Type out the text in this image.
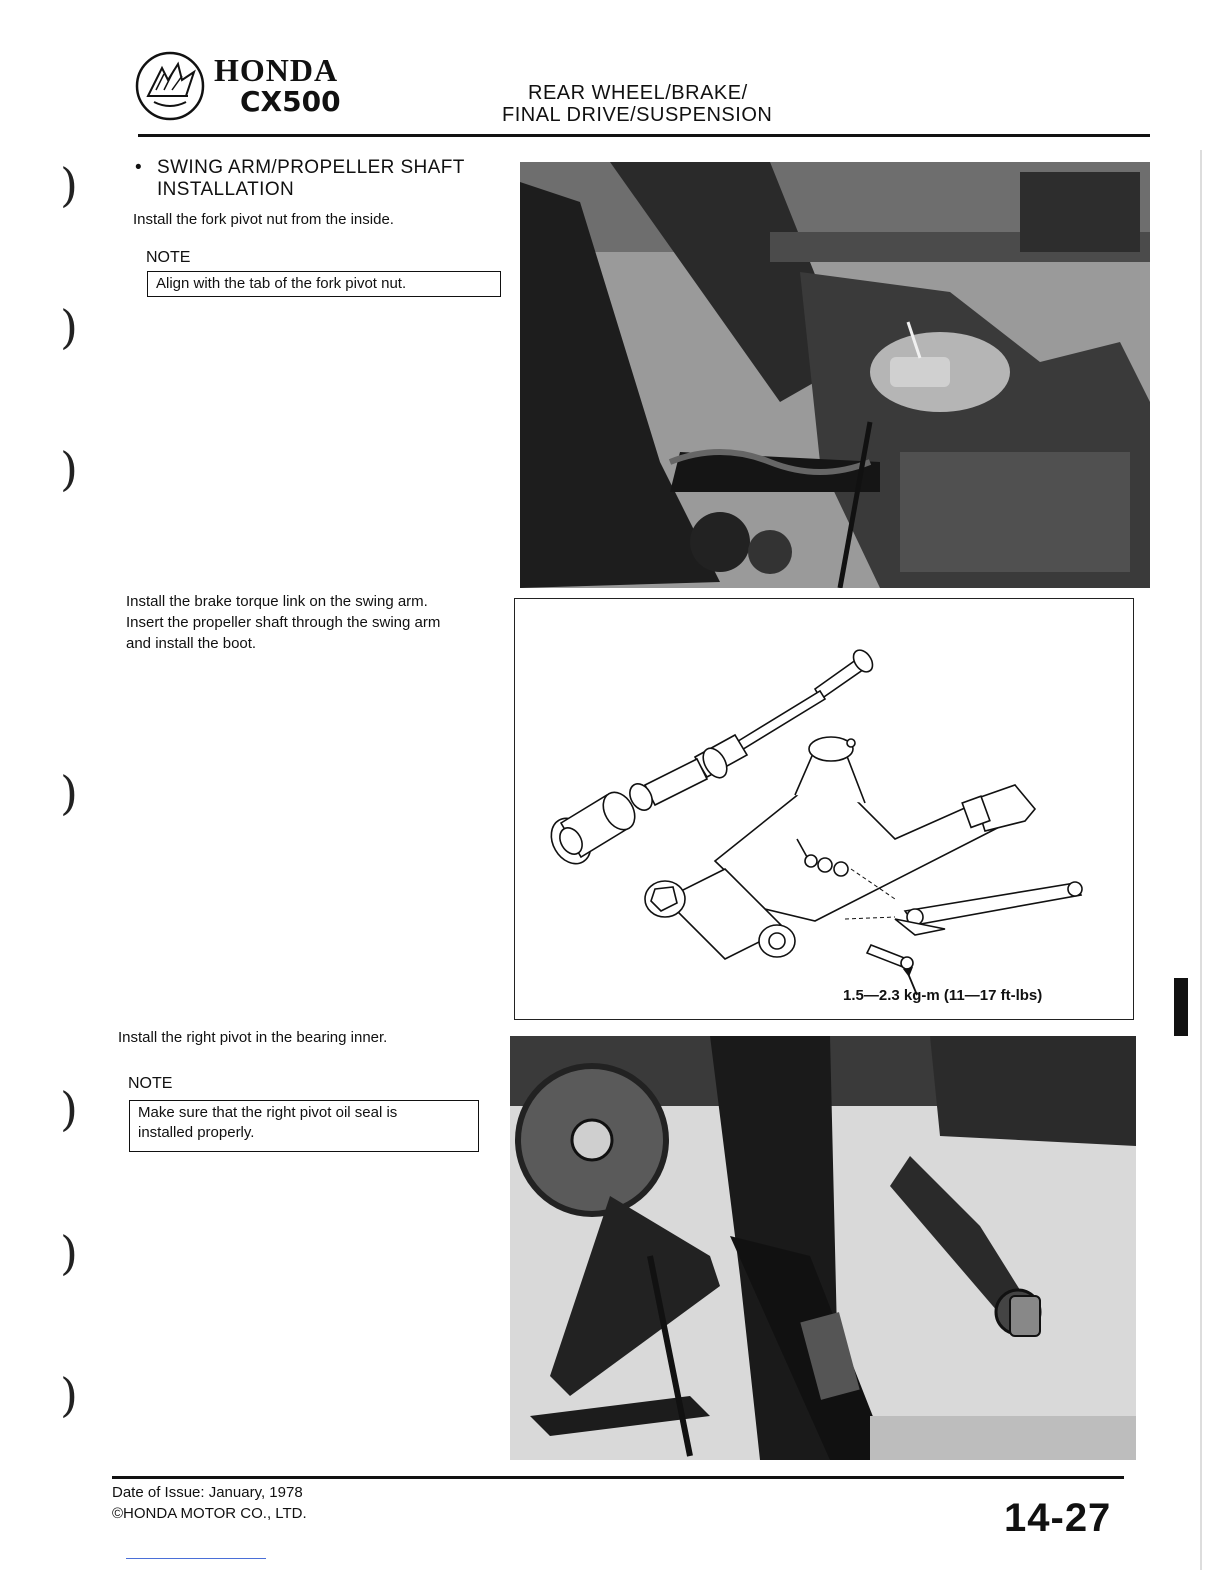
HONDA
CX500	REAR WHEEL/BRAKE/
FINAL DRIVE/SUSPENSION
)
)
)
)
)
)
)
• SWING ARM/PROPELLER SHAFT
INSTALLATION
Install the fork pivot nut from the inside.
NOTE
Align with the tab of the fork pivot nut.
Install the brake torque link on the swing arm.
Insert the propeller shaft through the swing arm
and install the boot.
1.5—2.3 kg-m (11—17 ft-lbs)
Install the right pivot in the bearing inner.
NOTE
Make sure that the right pivot oil seal is
installed properly.
Date of Issue: January, 1978
©HONDA MOTOR CO., LTD.	14-27
